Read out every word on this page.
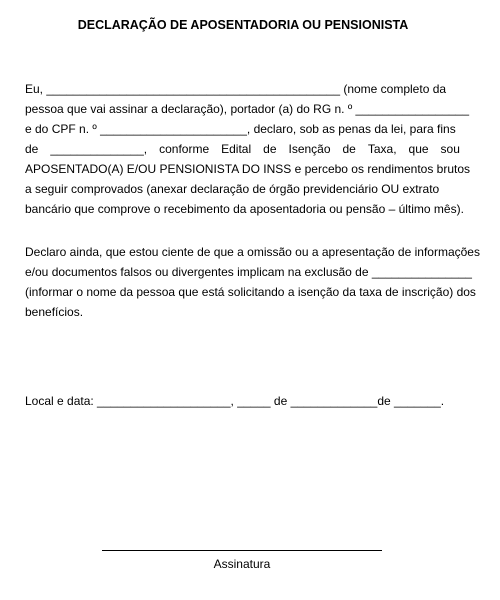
DECLARAÇÃO DE APOSENTADORIA OU PENSIONISTA
Eu, ____________________________________________ (nome completo da
pessoa que vai assinar a declaração), portador (a) do RG n. º _________________
e do CPF n. º ______________________, declaro, sob as penas da lei, para fins
de ______________, conforme Edital de Isenção de Taxa, que sou
APOSENTADO(A) E/OU PENSIONISTA DO INSS e percebo os rendimentos brutos
a seguir comprovados (anexar declaração de órgão previdenciário OU extrato
bancário que comprove o recebimento da aposentadoria ou pensão – último mês).
Declaro ainda, que estou ciente de que a omissão ou a apresentação de informações
e/ou documentos falsos ou divergentes implicam na exclusão de _______________
(informar o nome da pessoa que está solicitando a isenção da taxa de inscrição) dos
benefícios.
Local e data: ____________________, _____ de _____________de _______.
Assinatura
